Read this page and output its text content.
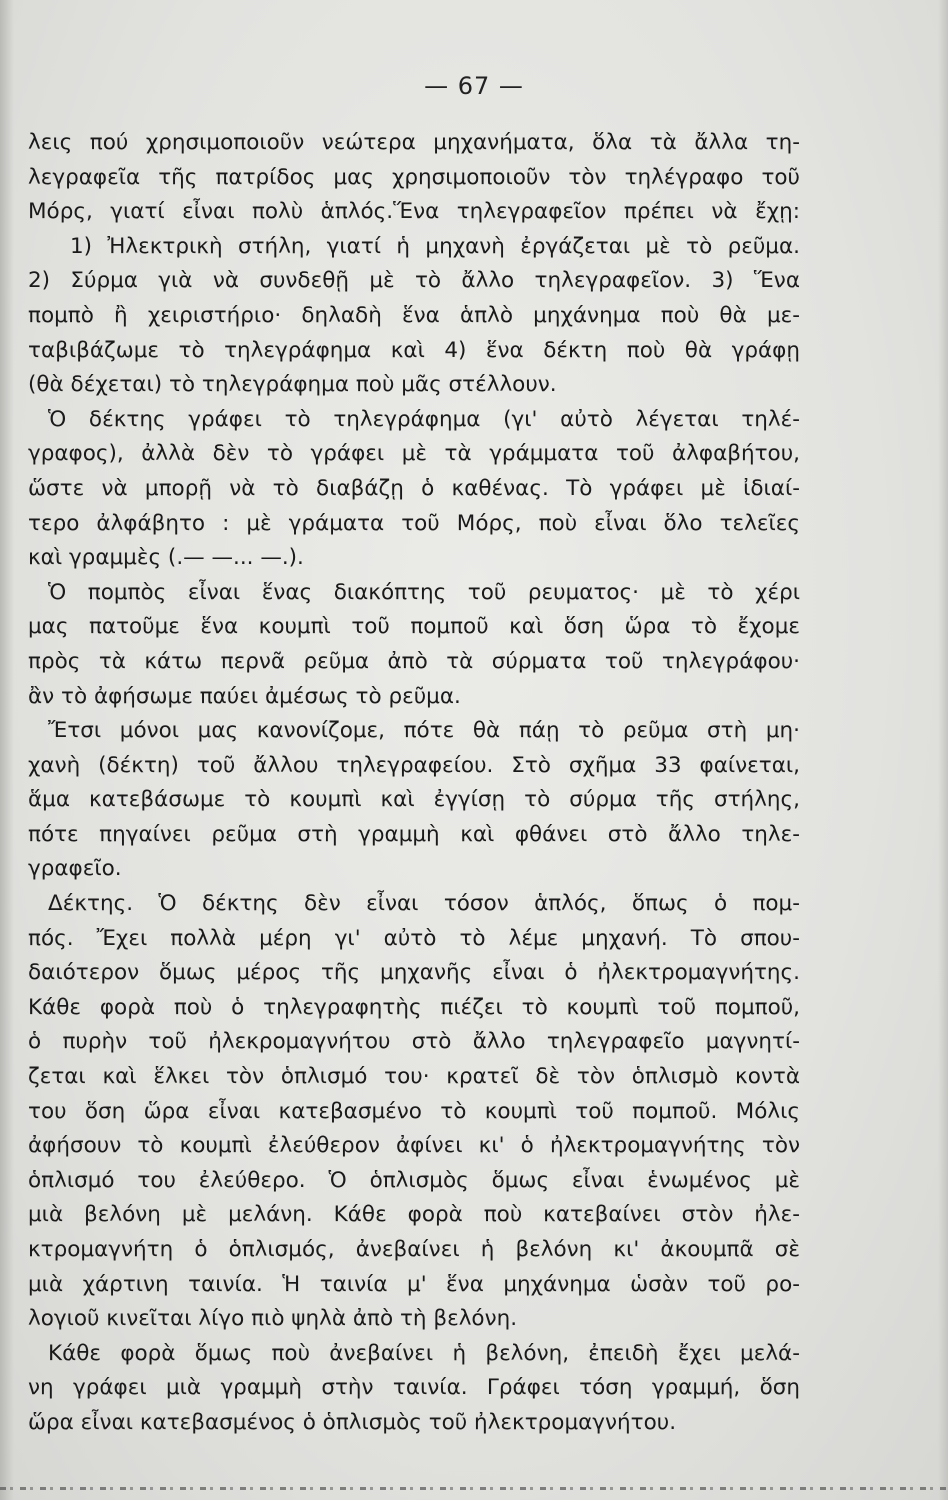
— 67 —
λεις πού χρησιμοποιοῦν νεώτερα μηχανήματα, ὅλα τὰ ἄλλα τη-
λεγραφεῖα τῆς πατρίδος μας χρησιμοποιοῦν τὸν τηλέγραφο τοῦ
Μόρς, γιατί εἶναι πολὺ ἁπλός.Ἕνα τηλεγραφεῖον πρέπει νὰ ἔχῃ:
1) Ἠλεκτρικὴ στήλη, γιατί ἡ μηχανὴ ἐργάζεται μὲ τὸ ρεῦμα.
2) Σύρμα γιὰ νὰ συνδεθῇ μὲ τὸ ἄλλο τηλεγραφεῖον. 3) Ἕνα
πομπὸ ἢ χειριστήριο· δηλαδὴ ἕνα ἁπλὸ μηχάνημα ποὺ θὰ με-
ταβιβάζωμε τὸ τηλεγράφημα καὶ 4) ἕνα δέκτη ποὺ θὰ γράφῃ
(θὰ δέχεται) τὸ τηλεγράφημα ποὺ μᾶς στέλλουν.
Ὁ δέκτης γράφει τὸ τηλεγράφημα (γι' αὐτὸ λέγεται τηλέ-
γραφος), ἀλλὰ δὲν τὸ γράφει μὲ τὰ γράμματα τοῦ ἀλφαβήτου,
ὥστε νὰ μπορῇ νὰ τὸ διαβάζῃ ὁ καθένας. Τὸ γράφει μὲ ἰδιαί-
τερο ἀλφάβητο : μὲ γράματα τοῦ Μόρς, ποὺ εἶναι ὅλο τελεῖες
καὶ γραμμὲς (.— —... —.).
Ὁ πομπὸς εἶναι ἕνας διακόπτης τοῦ ρευματος· μὲ τὸ χέρι
μας πατοῦμε ἕνα κουμπὶ τοῦ πομποῦ καὶ ὅση ὥρα τὸ ἔχομε
πρὸς τὰ κάτω περνᾶ ρεῦμα ἀπὸ τὰ σύρματα τοῦ τηλεγράφου·
ἂν τὸ ἀφήσωμε παύει ἀμέσως τὸ ρεῦμα.
Ἔτσι μόνοι μας κανονίζομε, πότε θὰ πάῃ τὸ ρεῦμα στὴ μη·
χανὴ (δέκτη) τοῦ ἄλλου τηλεγραφείου. Στὸ σχῆμα 33 φαίνεται,
ἅμα κατεβάσωμε τὸ κουμπὶ καὶ ἐγγίσῃ τὸ σύρμα τῆς στήλης,
πότε πηγαίνει ρεῦμα στὴ γραμμὴ καὶ φθάνει στὸ ἄλλο τηλε-
γραφεῖο.
Δέκτης. Ὁ δέκτης δὲν εἶναι τόσον ἁπλός, ὅπως ὁ πομ-
πός. Ἔχει πολλὰ μέρη γι' αὐτὸ τὸ λέμε μηχανή. Τὸ σπου-
δαιότερον ὅμως μέρος τῆς μηχανῆς εἶναι ὁ ἠλεκτρομαγνήτης.
Κάθε φορὰ ποὺ ὁ τηλεγραφητὴς πιέζει τὸ κουμπὶ τοῦ πομποῦ,
ὁ πυρὴν τοῦ ἠλεκρομαγνήτου στὸ ἄλλο τηλεγραφεῖο μαγνητί-
ζεται καὶ ἕλκει τὸν ὁπλισμό του· κρατεῖ δὲ τὸν ὁπλισμὸ κοντὰ
του ὅση ὥρα εἶναι κατεβασμένο τὸ κουμπὶ τοῦ πομποῦ. Μόλις
ἀφήσουν τὸ κουμπὶ ἐλεύθερον ἀφίνει κι' ὁ ἠλεκτρομαγνήτης τὸν
ὁπλισμό του ἐλεύθερο. Ὁ ὁπλισμὸς ὅμως εἶναι ἑνωμένος μὲ
μιὰ βελόνη μὲ μελάνη. Κάθε φορὰ ποὺ κατεβαίνει στὸν ἠλε-
κτρομαγνήτη ὁ ὁπλισμός, ἀνεβαίνει ἡ βελόνη κι' ἀκουμπᾶ σὲ
μιὰ χάρτινη ταινία. Ἡ ταινία μ' ἕνα μηχάνημα ὡσὰν τοῦ ρο-
λογιοῦ κινεῖται λίγο πιὸ ψηλὰ ἀπὸ τὴ βελόνη.
Κάθε φορὰ ὅμως ποὺ ἀνεβαίνει ἡ βελόνη, ἐπειδὴ ἔχει μελά-
νη γράφει μιὰ γραμμὴ στὴν ταινία. Γράφει τόση γραμμή, ὅση
ὥρα εἶναι κατεβασμένος ὁ ὁπλισμὸς τοῦ ἠλεκτρομαγνήτου.
